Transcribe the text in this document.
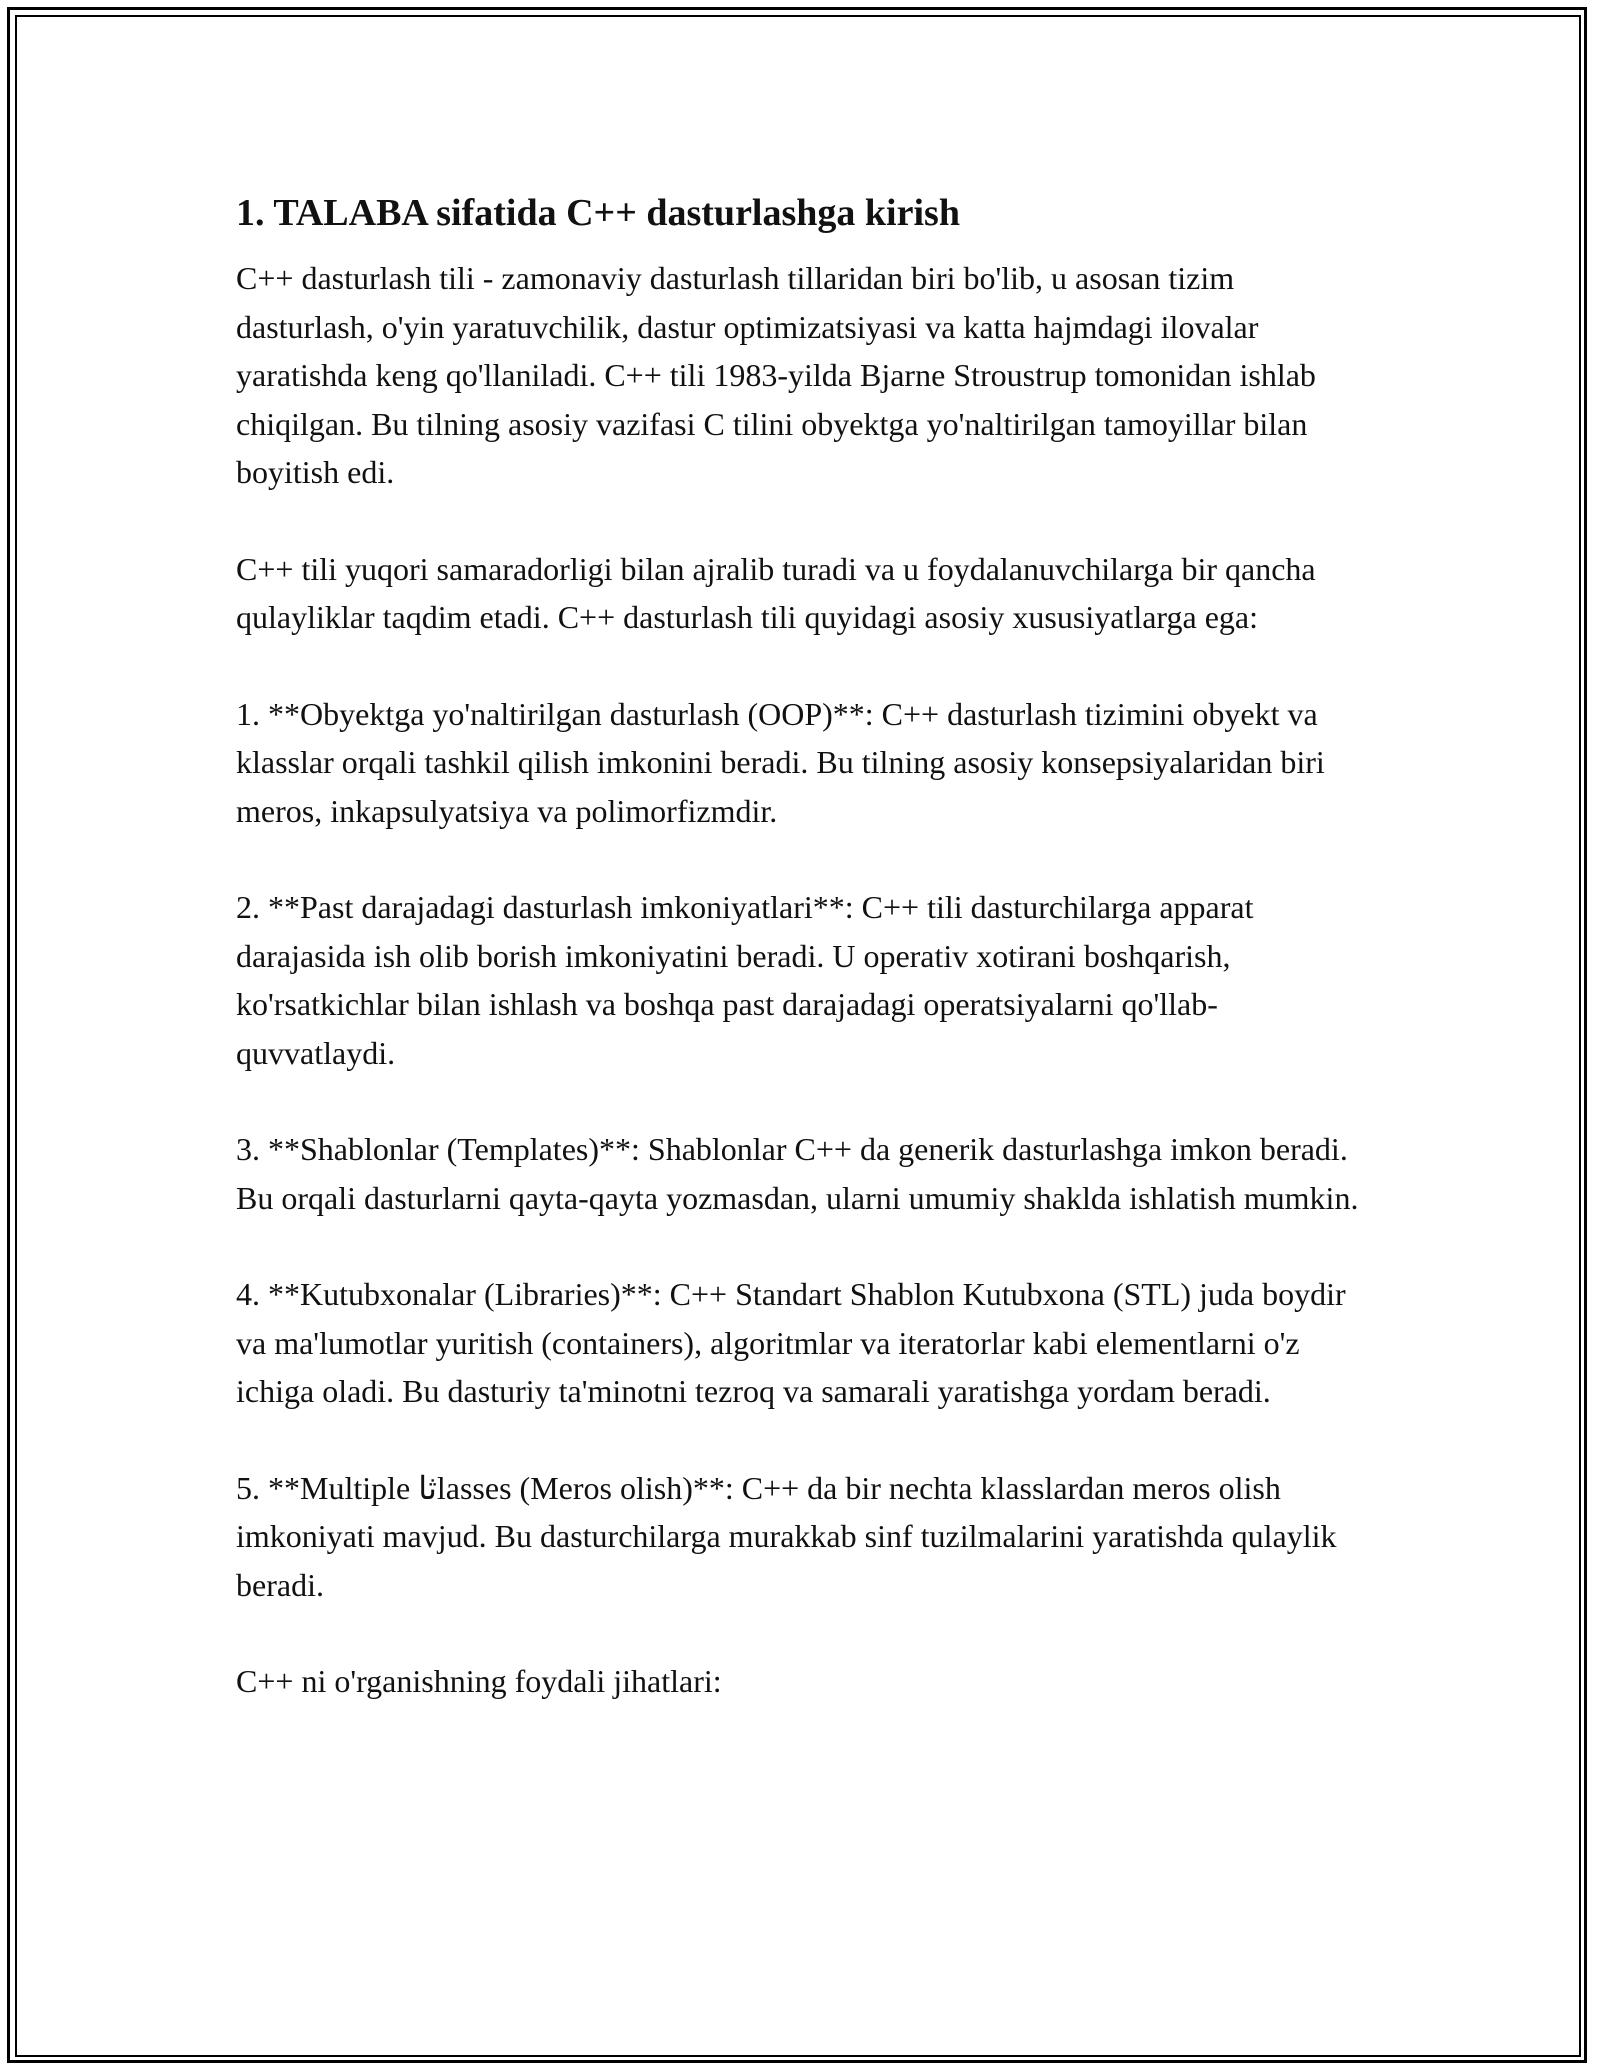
1. TALABA sifatida C++ dasturlashga kirish

C++ dasturlash tili - zamonaviy dasturlash tillaridan biri bo'lib, u asosan tizim dasturlash, o'yin yaratuvchilik, dastur optimizatsiyasi va katta hajmdagi ilovalar yaratishda keng qo'llaniladi. C++ tili 1983-yilda Bjarne Stroustrup tomonidan ishlab chiqilgan. Bu tilning asosiy vazifasi C tilini obyektga yo'naltirilgan tamoyillar bilan boyitish edi.

C++ tili yuqori samaradorligi bilan ajralib turadi va u foydalanuvchilarga bir qancha qulayliklar taqdim etadi. C++ dasturlash tili quyidagi asosiy xususiyatlarga ega:

1. **Obyektga yo'naltirilgan dasturlash (OOP)**: C++ dasturlash tizimini obyekt va klasslar orqali tashkil qilish imkonini beradi. Bu tilning asosiy konsepsiyalaridan biri meros, inkapsulyatsiya va polimorfizmdir.

2. **Past darajadagi dasturlash imkoniyatlari**: C++ tili dasturchilarga apparat darajasida ish olib borish imkoniyatini beradi. U operativ xotirani boshqarish, ko'rsatkichlar bilan ishlash va boshqa past darajadagi operatsiyalarni qo'llab-quvvatlaydi.

3. **Shablonlar (Templates)**: Shablonlar C++ da generik dasturlashga imkon beradi. Bu orqali dasturlarni qayta-qayta yozmasdan, ularni umumiy shaklda ishlatish mumkin.

4. **Kutubxonalar (Libraries)**: C++ Standart Shablon Kutubxona (STL) juda boydir va ma'lumotlar yuritish (containers), algoritmlar va iteratorlar kabi elementlarni o'z ichiga oladi. Bu dasturiy ta'minotni tezroq va samarali yaratishga yordam beradi.

5. **Multiple ثاlasses (Meros olish)**: C++ da bir nechta klasslardan meros olish imkoniyati mavjud. Bu dasturchilarga murakkab sinf tuzilmalarini yaratishda qulaylik beradi.

C++ ni o'rganishning foydali jihatlari:
